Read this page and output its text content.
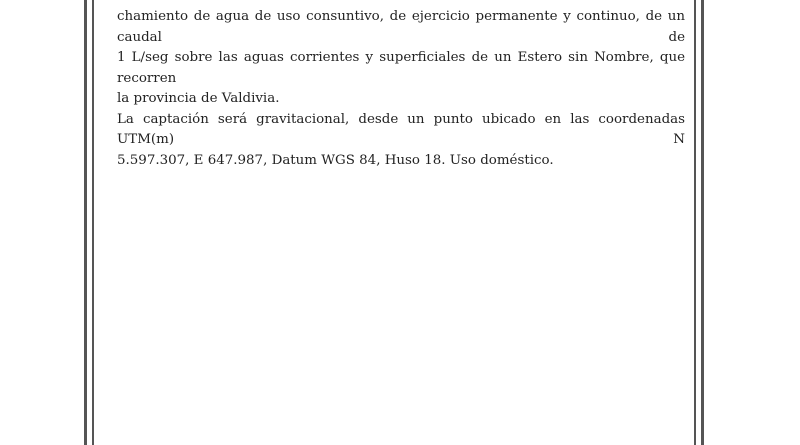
chamiento de agua de uso consuntivo, de ejercicio permanente y continuo, de un caudal de

1 L/seg sobre las aguas corrientes y superficiales de un Estero sin Nombre, que recorren

la provincia de Valdivia.

La captación será gravitacional, desde un punto ubicado en las coordenadas UTM(m) N

5.597.307, E 647.987, Datum WGS 84, Huso 18. Uso doméstico.
